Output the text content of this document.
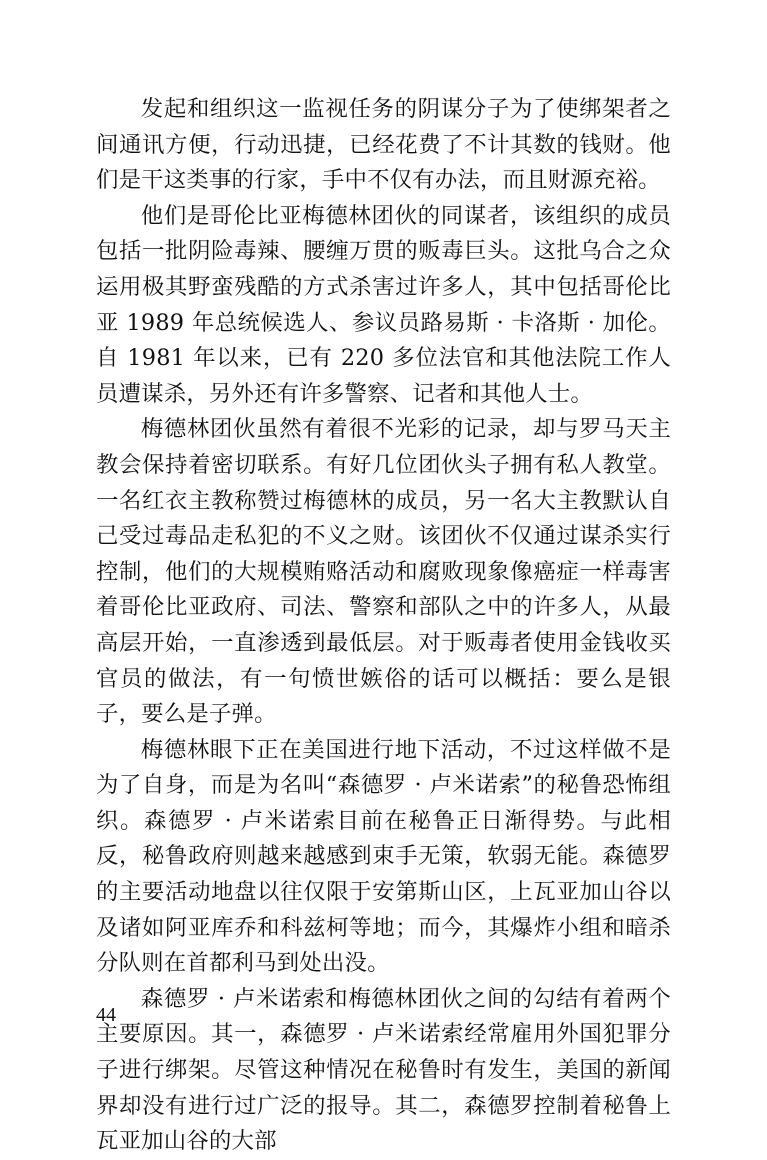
发起和组织这一监视任务的阴谋分子为了使绑架者之间通讯方便，行动迅捷，已经花费了不计其数的钱财。他们是干这类事的行家，手中不仅有办法，而且财源充裕。

他们是哥伦比亚梅德林团伙的同谋者，该组织的成员包括一批阴险毒辣、腰缠万贯的贩毒巨头。这批乌合之众运用极其野蛮残酷的方式杀害过许多人，其中包括哥伦比亚 1989 年总统候选人、参议员路易斯 · 卡洛斯 · 加伦。自 1981 年以来，已有 220 多位法官和其他法院工作人员遭谋杀，另外还有许多警察、记者和其他人士。

梅德林团伙虽然有着很不光彩的记录，却与罗马天主教会保持着密切联系。有好几位团伙头子拥有私人教堂。一名红衣主教称赞过梅德林的成员，另一名大主教默认自己受过毒品走私犯的不义之财。该团伙不仅通过谋杀实行控制，他们的大规模贿赂活动和腐败现象像癌症一样毒害着哥伦比亚政府、司法、警察和部队之中的许多人，从最高层开始，一直渗透到最低层。对于贩毒者使用金钱收买官员的做法，有一句愤世嫉俗的话可以概括：要么是银子，要么是子弹。

梅德林眼下正在美国进行地下活动，不过这样做不是为了自身，而是为名叫“森德罗 · 卢米诺索”的秘鲁恐怖组织。森德罗 · 卢米诺索目前在秘鲁正日渐得势。与此相反，秘鲁政府则越来越感到束手无策，软弱无能。森德罗的主要活动地盘以往仅限于安第斯山区，上瓦亚加山谷以及诸如阿亚库乔和科兹柯等地；而今，其爆炸小组和暗杀分队则在首都利马到处出没。

森德罗 · 卢米诺索和梅德林团伙之间的勾结有着两个主要原因。其一，森德罗 · 卢米诺索经常雇用外国犯罪分子进行绑架。尽管这种情况在秘鲁时有发生，美国的新闻界却没有进行过广泛的报导。其二，森德罗控制着秘鲁上瓦亚加山谷的大部

44
